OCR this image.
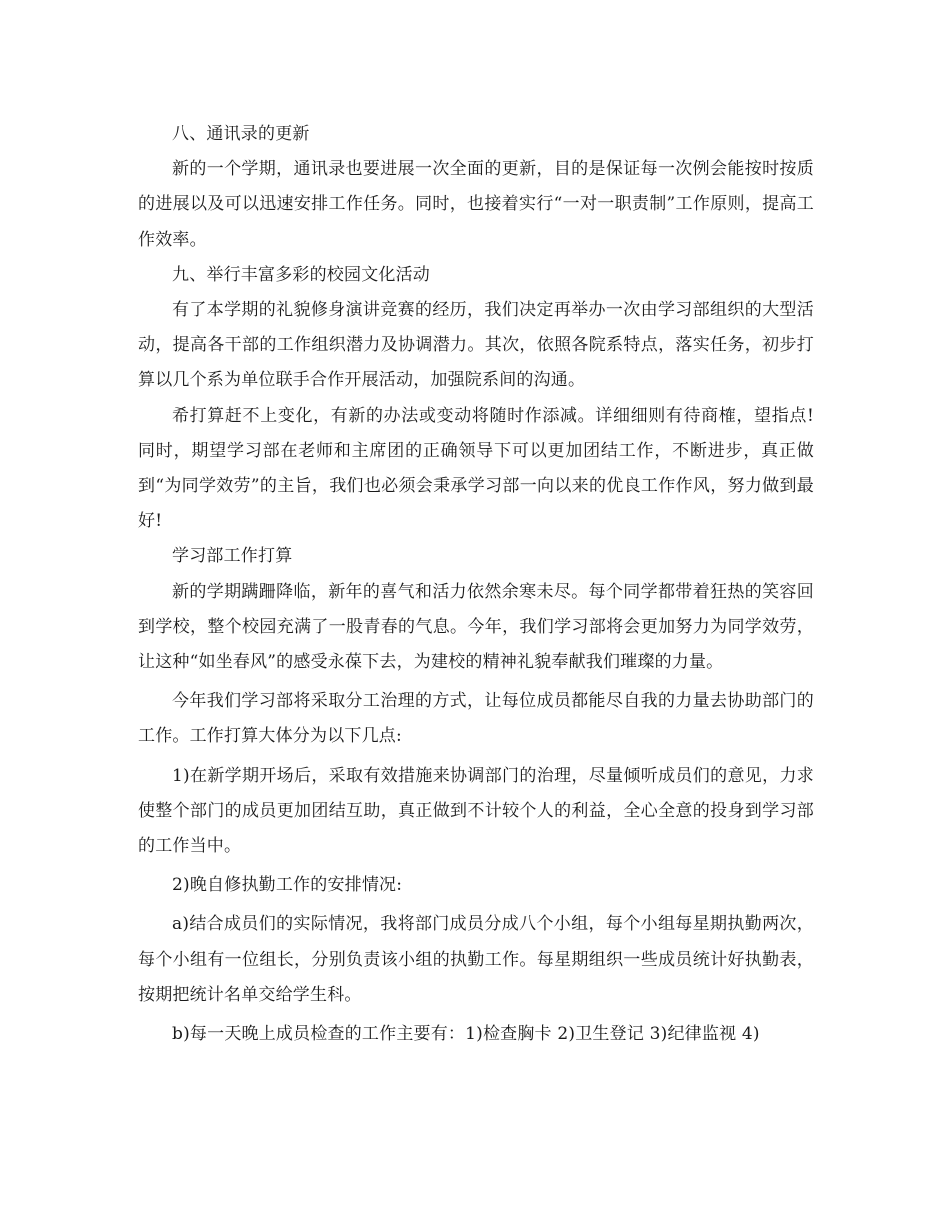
八、通讯录的更新

新的一个学期，通讯录也要进展一次全面的更新，目的是保证每一次例会能按时按质的进展以及可以迅速安排工作任务。同时，也接着实行“一对一职责制”工作原则，提高工作效率。

九、举行丰富多彩的校园文化活动

有了本学期的礼貌修身演讲竞赛的经历，我们决定再举办一次由学习部组织的大型活动，提高各干部的工作组织潜力及协调潜力。其次，依照各院系特点，落实任务，初步打算以几个系为单位联手合作开展活动，加强院系间的沟通。

希打算赶不上变化，有新的办法或变动将随时作添减。详细细则有待商榷，望指点!同时，期望学习部在老师和主席团的正确领导下可以更加团结工作，不断进步，真正做到“为同学效劳”的主旨，我们也必须会秉承学习部一向以来的优良工作作风，努力做到最好!

学习部工作打算

新的学期蹒跚降临，新年的喜气和活力依然余寒未尽。每个同学都带着狂热的笑容回到学校，整个校园充满了一股青春的气息。今年，我们学习部将会更加努力为同学效劳，让这种“如坐春风”的感受永葆下去，为建校的精神礼貌奉献我们璀璨的力量。

今年我们学习部将采取分工治理的方式，让每位成员都能尽自我的力量去协助部门的工作。工作打算大体分为以下几点:

1)在新学期开场后，采取有效措施来协调部门的治理，尽量倾听成员们的意见，力求使整个部门的成员更加团结互助，真正做到不计较个人的利益，全心全意的投身到学习部的工作当中。

2)晚自修执勤工作的安排情况:

a)结合成员们的实际情况，我将部门成员分成八个小组，每个小组每星期执勤两次，每个小组有一位组长，分别负责该小组的执勤工作。每星期组织一些成员统计好执勤表，按期把统计名单交给学生科。

b)每一天晚上成员检查的工作主要有：1)检查胸卡 2)卫生登记 3)纪律监视 4)
